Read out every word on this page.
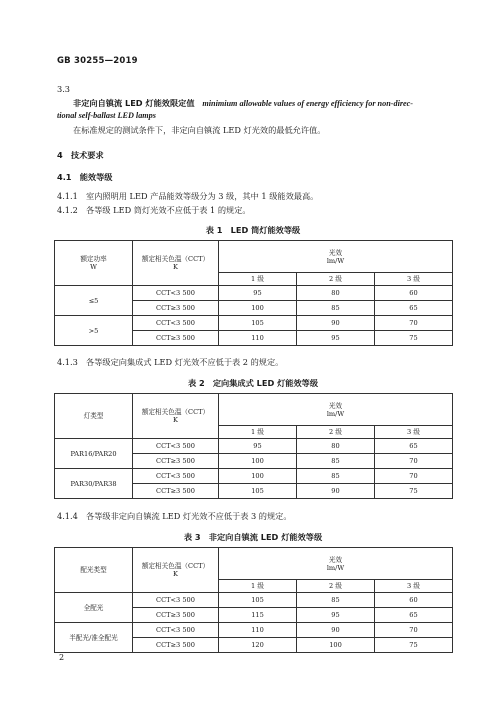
GB 30255—2019
3.3
非定向自镇流 LED 灯能效限定值 minimium allowable values of energy efficiency for non-direc-
tional self-ballast LED lamps
在标准规定的测试条件下，非定向自镇流 LED 灯光效的最低允许值。
4　技术要求
4.1　能效等级
4.1.1　室内照明用 LED 产品能效等级分为 3 级，其中 1 级能效最高。
4.1.2　各等级 LED 筒灯光效不应低于表 1 的规定。
表 1　LED 筒灯能效等级
额定功率
W	额定相关色温（CCT）
K	光效
lm/W		
		1 级	2 级	3 级
≤5	CCT<3 500	95	80	60
	CCT≥3 500	100	85	65
>5	CCT<3 500	105	90	70
	CCT≥3 500	110	95	75
4.1.3　各等级定向集成式 LED 灯光效不应低于表 2 的规定。
表 2　定向集成式 LED 灯能效等级
灯类型	额定相关色温（CCT）
K	光效
lm/W		
		1 级	2 级	3 级
PAR16/PAR20	CCT<3 500	95	80	65
	CCT≥3 500	100	85	70
PAR30/PAR38	CCT<3 500	100	85	70
	CCT≥3 500	105	90	75
4.1.4　各等级非定向自镇流 LED 灯光效不应低于表 3 的规定。
表 3　非定向自镇流 LED 灯能效等级
配光类型	额定相关色温（CCT）
K	光效
lm/W		
		1 级	2 级	3 级
全配光	CCT<3 500	105	85	60
	CCT≥3 500	115	95	65
半配光/准全配光	CCT<3 500	110	90	70
	CCT≥3 500	120	100	75
2
